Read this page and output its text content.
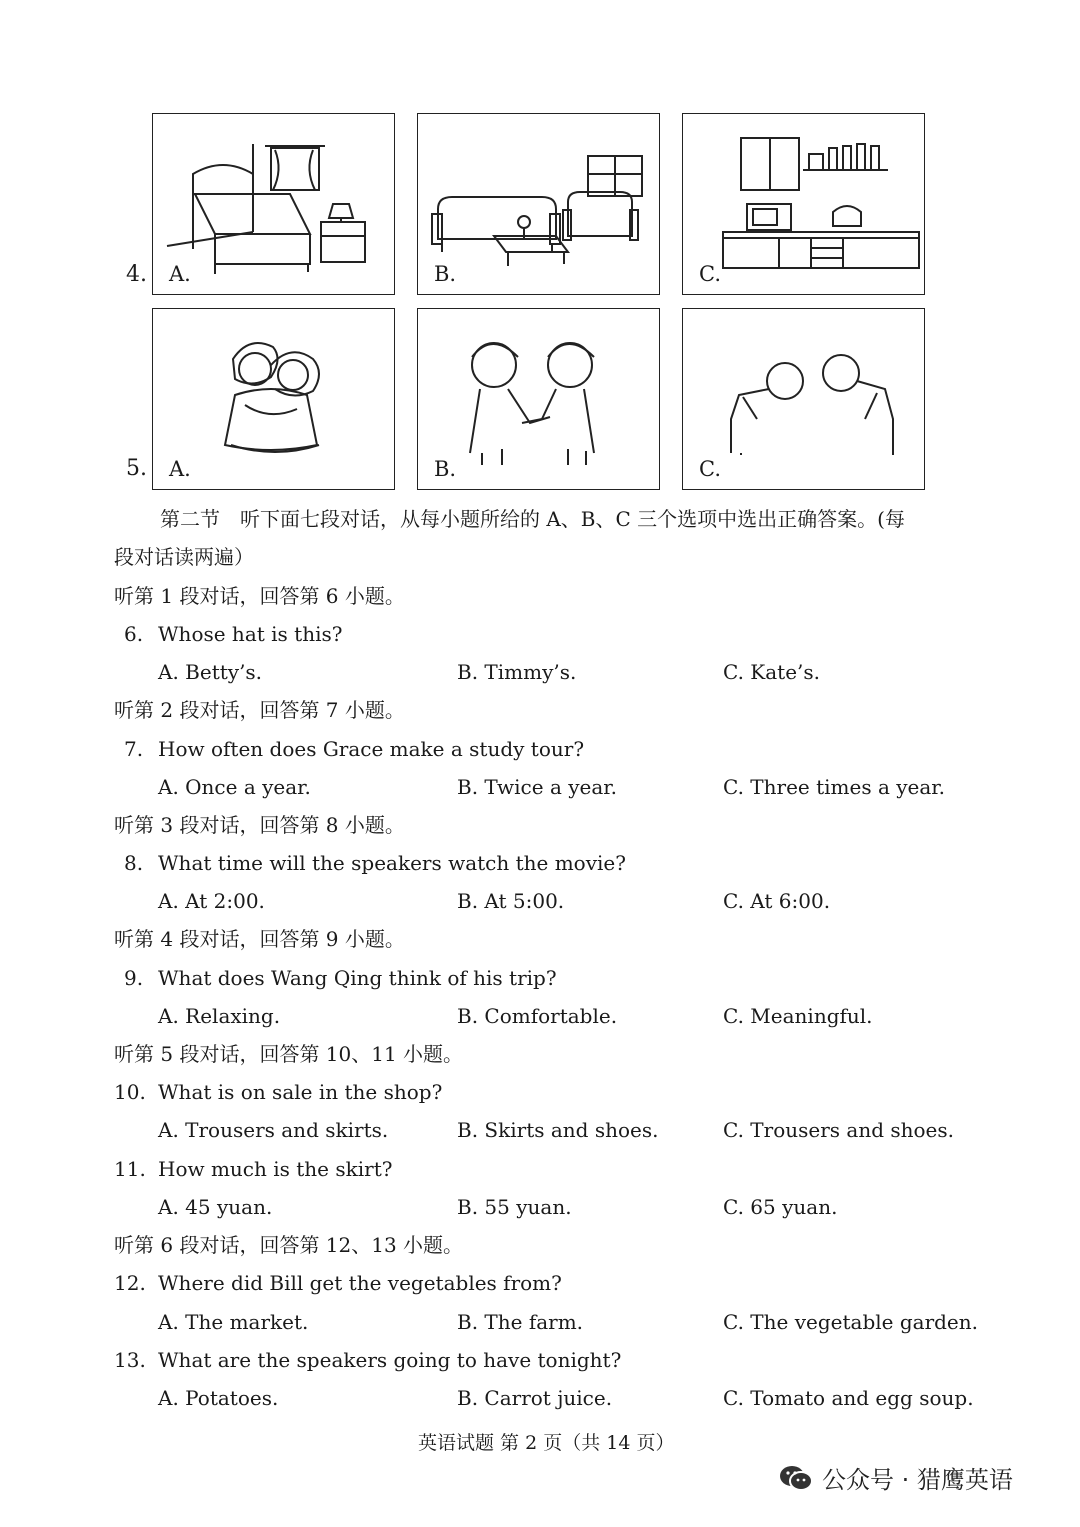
4. A.	B.	C.
5. A.	B.	C.
第二节　听下面七段对话，从每小题所给的 A、B、C 三个选项中选出正确答案。(每
段对话读两遍）
听第 1 段对话，回答第 6 小题。
6. Whose hat is this?
A. Betty’s.	B. Timmy’s.	C. Kate’s.
听第 2 段对话，回答第 7 小题。
7. How often does Grace make a study tour?
A. Once a year.	B. Twice a year.	C. Three times a year.
听第 3 段对话，回答第 8 小题。
8. What time will the speakers watch the movie?
A. At 2:00.	B. At 5:00.	C. At 6:00.
听第 4 段对话，回答第 9 小题。
9. What does Wang Qing think of his trip?
A. Relaxing.	B. Comfortable.	C. Meaningful.
听第 5 段对话，回答第 10、11 小题。
10. What is on sale in the shop?
A. Trousers and skirts.	B. Skirts and shoes.	C. Trousers and shoes.
11. How much is the skirt?
A. 45 yuan.	B. 55 yuan.	C. 65 yuan.
听第 6 段对话，回答第 12、13 小题。
12. Where did Bill get the vegetables from?
A. The market.	B. The farm.	C. The vegetable garden.
13. What are the speakers going to have tonight?
A. Potatoes.	B. Carrot juice.	C. Tomato and egg soup.
英语试题 第 2 页（共 14 页）
公众号 · 猎鹰英语
